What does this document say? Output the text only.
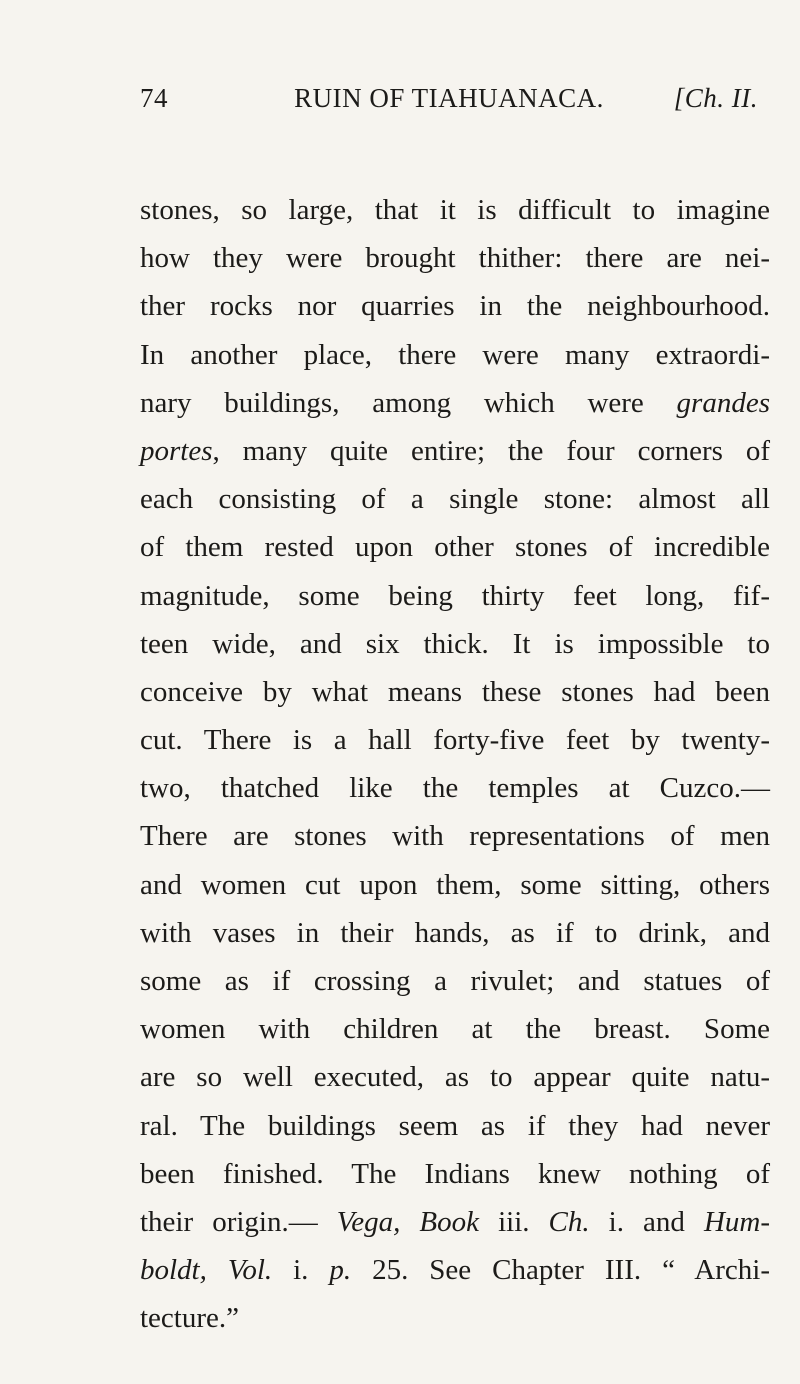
74	RUIN OF TIAHUANACA.	[Ch. II.
stones, so large, that it is difficult to imagine
how they were brought thither: there are nei-
ther rocks nor quarries in the neighbourhood.
In another place, there were many extraordi-
nary buildings, among which were grandes
portes, many quite entire; the four corners of
each consisting of a single stone: almost all
of them rested upon other stones of incredible
magnitude, some being thirty feet long, fif-
teen wide, and six thick. It is impossible to
conceive by what means these stones had been
cut. There is a hall forty-five feet by twenty-
two, thatched like the temples at Cuzco.—
There are stones with representations of men
and women cut upon them, some sitting, others
with vases in their hands, as if to drink, and
some as if crossing a rivulet; and statues of
women with children at the breast. Some
are so well executed, as to appear quite natu-
ral. The buildings seem as if they had never
been finished. The Indians knew nothing of
their origin.— Vega, Book iii. Ch. i. and Hum-
boldt, Vol. i. p. 25. See Chapter III. “ Archi-
tecture.”
